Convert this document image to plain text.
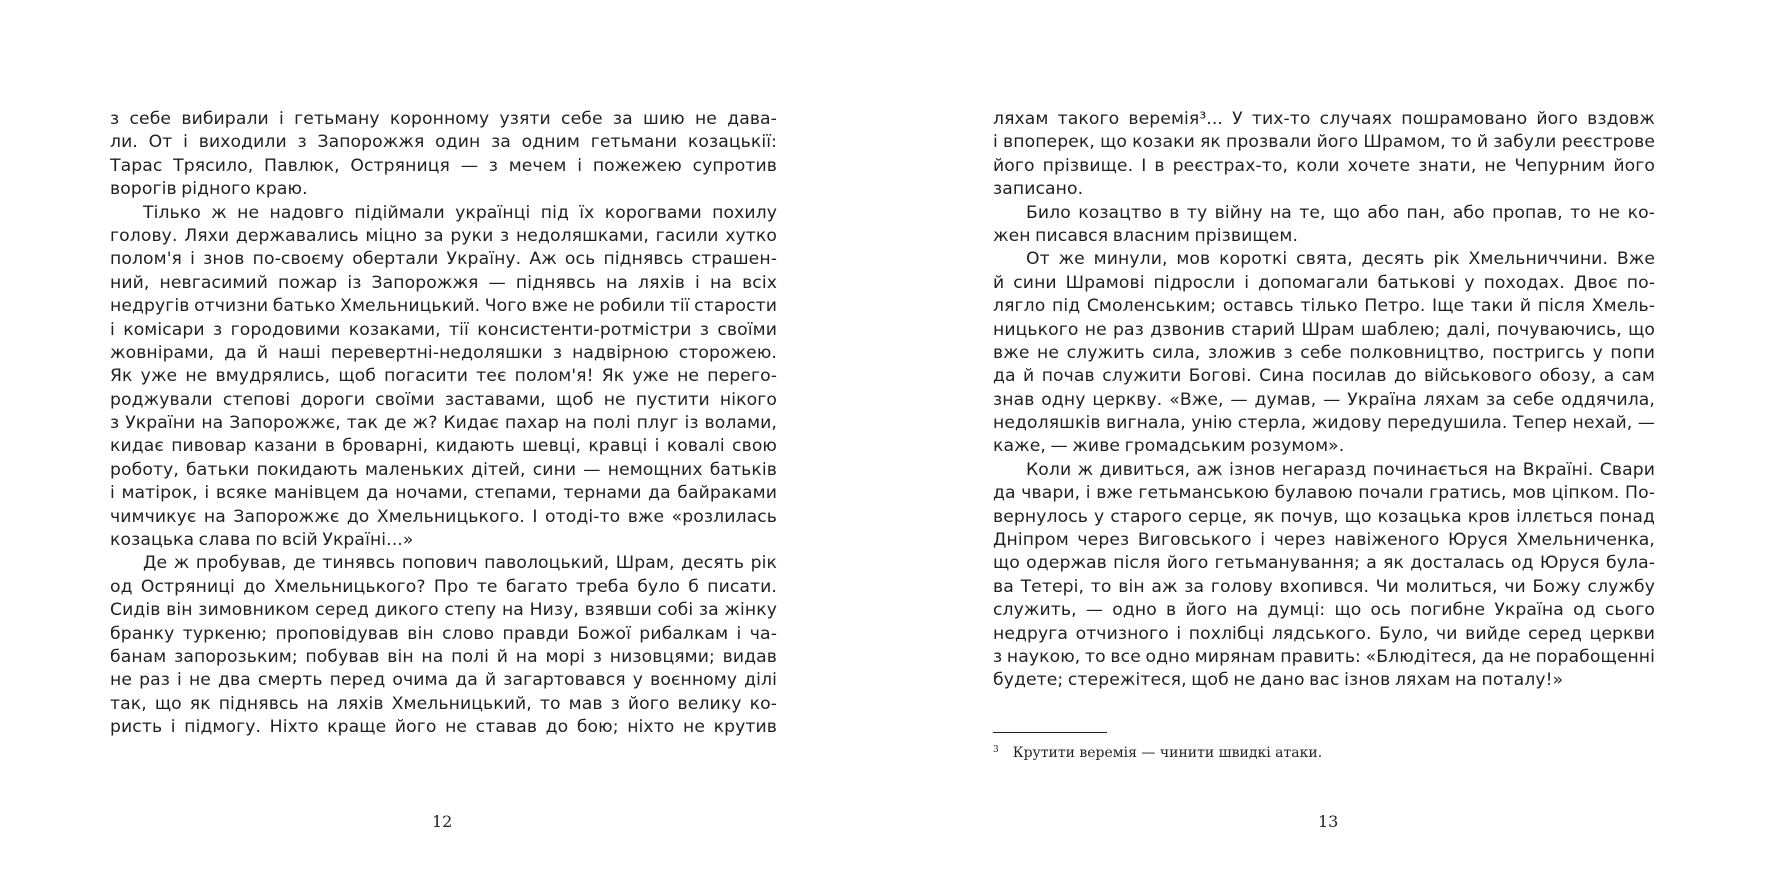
з себе вибирали і гетьману коронному узяти себе за шию не дава-
ли. От і виходили з Запорожжя один за одним гетьмани козацькії:
Тарас Трясило, Павлюк, Остряниця — з мечем і пожежею супротив
ворогів рідного краю.
Тілько ж не надовго підіймали українці під їх корогвами похилу
голову. Ляхи державались міцно за руки з недоляшками, гасили хутко
полом'я і знов по-своєму обертали Україну. Аж ось піднявсь страшен-
ний, невгасимий пожар із Запорожжя — піднявсь на ляхів і на всіх
недругів отчизни батько Хмельницький. Чого вже не робили тії старости
і комісари з городовими козаками, тії консистенти-ротмістри з своїми
жовнірами, да й наші перевертні-недоляшки з надвірною сторожею.
Як уже не вмудрялись, щоб погасити теє полом'я! Як уже не перего-
роджували степові дороги своїми заставами, щоб не пустити нікого
з України на Запорожжє, так де ж? Кидає пахар на полі плуг із волами,
кидає пивовар казани в броварні, кидають шевці, кравці і ковалі свою
роботу, батьки покидають маленьких дітей, сини — немощних батьків
і матірок, і всяке манівцем да ночами, степами, тернами да байраками
чимчикує на Запорожжє до Хмельницького. І отоді-то вже «розлилась
козацька слава по всій Україні...»
Де ж пробував, де тинявсь попович паволоцький, Шрам, десять рік
од Остряниці до Хмельницького? Про те багато треба було б писати.
Сидів він зимовником серед дикого степу на Низу, взявши собі за жінку
бранку туркеню; проповідував він слово правди Божої рибалкам і ча-
банам запорозьким; побував він на полі й на морі з низовцями; видав
не раз і не два смерть перед очима да й загартовався у воєнному ділі
так, що як піднявсь на ляхів Хмельницький, то мав з його велику ко-
ристь і підмогу. Ніхто краще його не ставав до бою; ніхто не крутив
12
ляхам такого веремія³... У тих-то случаях пошрамовано його вздовж
і впоперек, що козаки як прозвали його Шрамом, то й забули реєстрове
його прізвище. І в реєстрах-то, коли хочете знати, не Чепурним його
записано.
Било козацтво в ту війну на те, що або пан, або пропав, то не ко-
жен писався власним прізвищем.
От же минули, мов короткі свята, десять рік Хмельниччини. Вже
й сини Шрамові підросли і допомагали батькові у походах. Двоє по-
лягло під Смоленським; оставсь тілько Петро. Іще таки й після Хмель-
ницького не раз дзвонив старий Шрам шаблею; далі, почуваючись, що
вже не служить сила, зложив з себе полковництво, постригсь у попи
да й почав служити Богові. Сина посилав до військового обозу, а сам
знав одну церкву. «Вже, — думав, — Україна ляхам за себе оддячила,
недоляшків вигнала, унію стерла, жидову передушила. Тепер нехай, —
каже, — живе громадським розумом».
Коли ж дивиться, аж ізнов негаразд починається на Вкраїні. Свари
да чвари, і вже гетьманською булавою почали гратись, мов ціпком. По-
вернулось у старого серце, як почув, що козацька кров іллється понад
Дніпром через Виговського і через навіженого Юруся Хмельниченка,
що одержав після його гетьманування; а як досталась од Юруся була-
ва Тетері, то він аж за голову вхопився. Чи молиться, чи Божу службу
служить, — одно в його на думці: що ось погибне Україна од сього
недруга отчизного і похлібці лядського. Було, чи вийде серед церкви
з наукою, то все одно мирянам править: «Блюдітеся, да не порабощенні
будете; стережітеся, щоб не дано вас ізнов ляхам на поталу!»
$^3$ Крутити веремія — чинити швидкі атаки.
13
